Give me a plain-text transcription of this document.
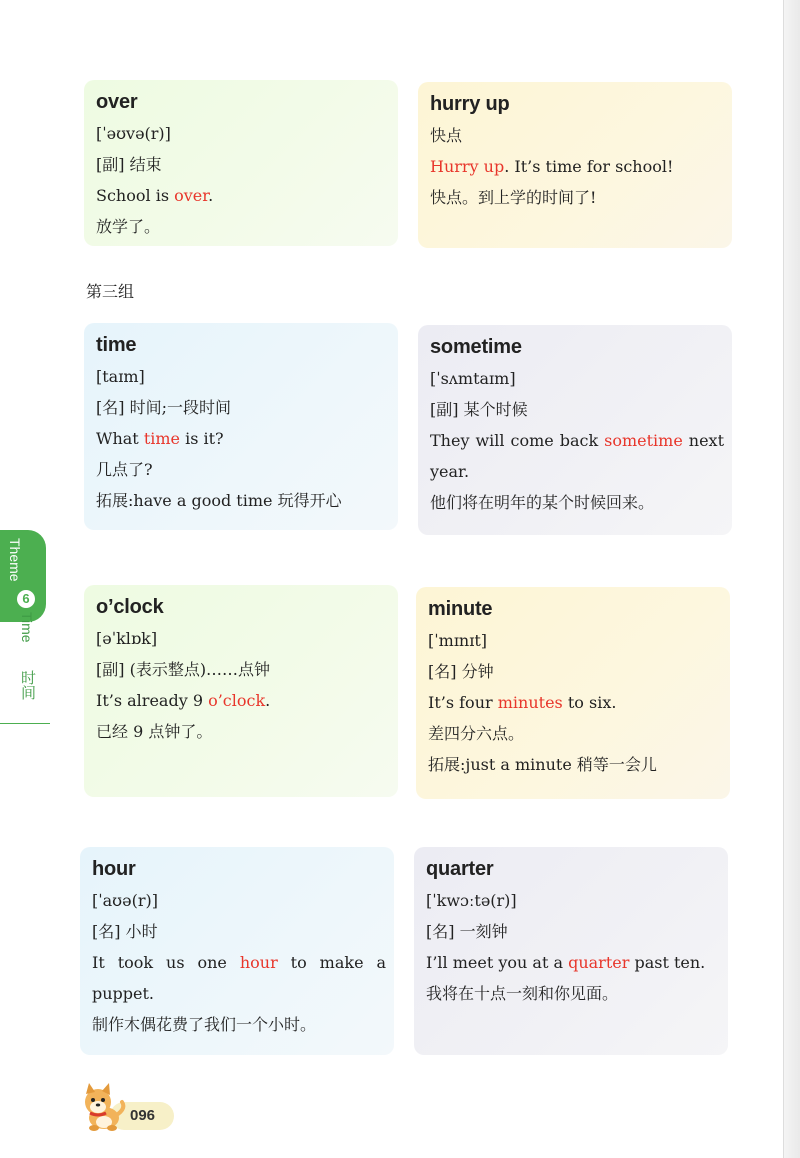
over
[ˈəʊvə(r)]
[副] 结束
School is over.
放学了。
hurry up
快点
Hurry up. It’s time for school!
快点。到上学的时间了!
第三组
time
[taɪm]
[名] 时间;一段时间
What time is it?
几点了?
拓展:have a good time 玩得开心
sometime
[ˈsʌmtaɪm]
[副] 某个时候
They will come back sometime next year.
他们将在明年的某个时候回来。
Theme
6
Time
时间
o’clock
[əˈklɒk]
[副] (表示整点)……点钟
It’s already 9 o’clock.
已经 9 点钟了。
minute
[ˈmɪnɪt]
[名] 分钟
It’s four minutes to six.
差四分六点。
拓展:just a minute 稍等一会儿
hour
[ˈaʊə(r)]
[名] 小时
It took us one hour to make a puppet.
制作木偶花费了我们一个小时。
quarter
[ˈkwɔːtə(r)]
[名] 一刻钟
I’ll meet you at a quarter past ten.
我将在十点一刻和你见面。
096
